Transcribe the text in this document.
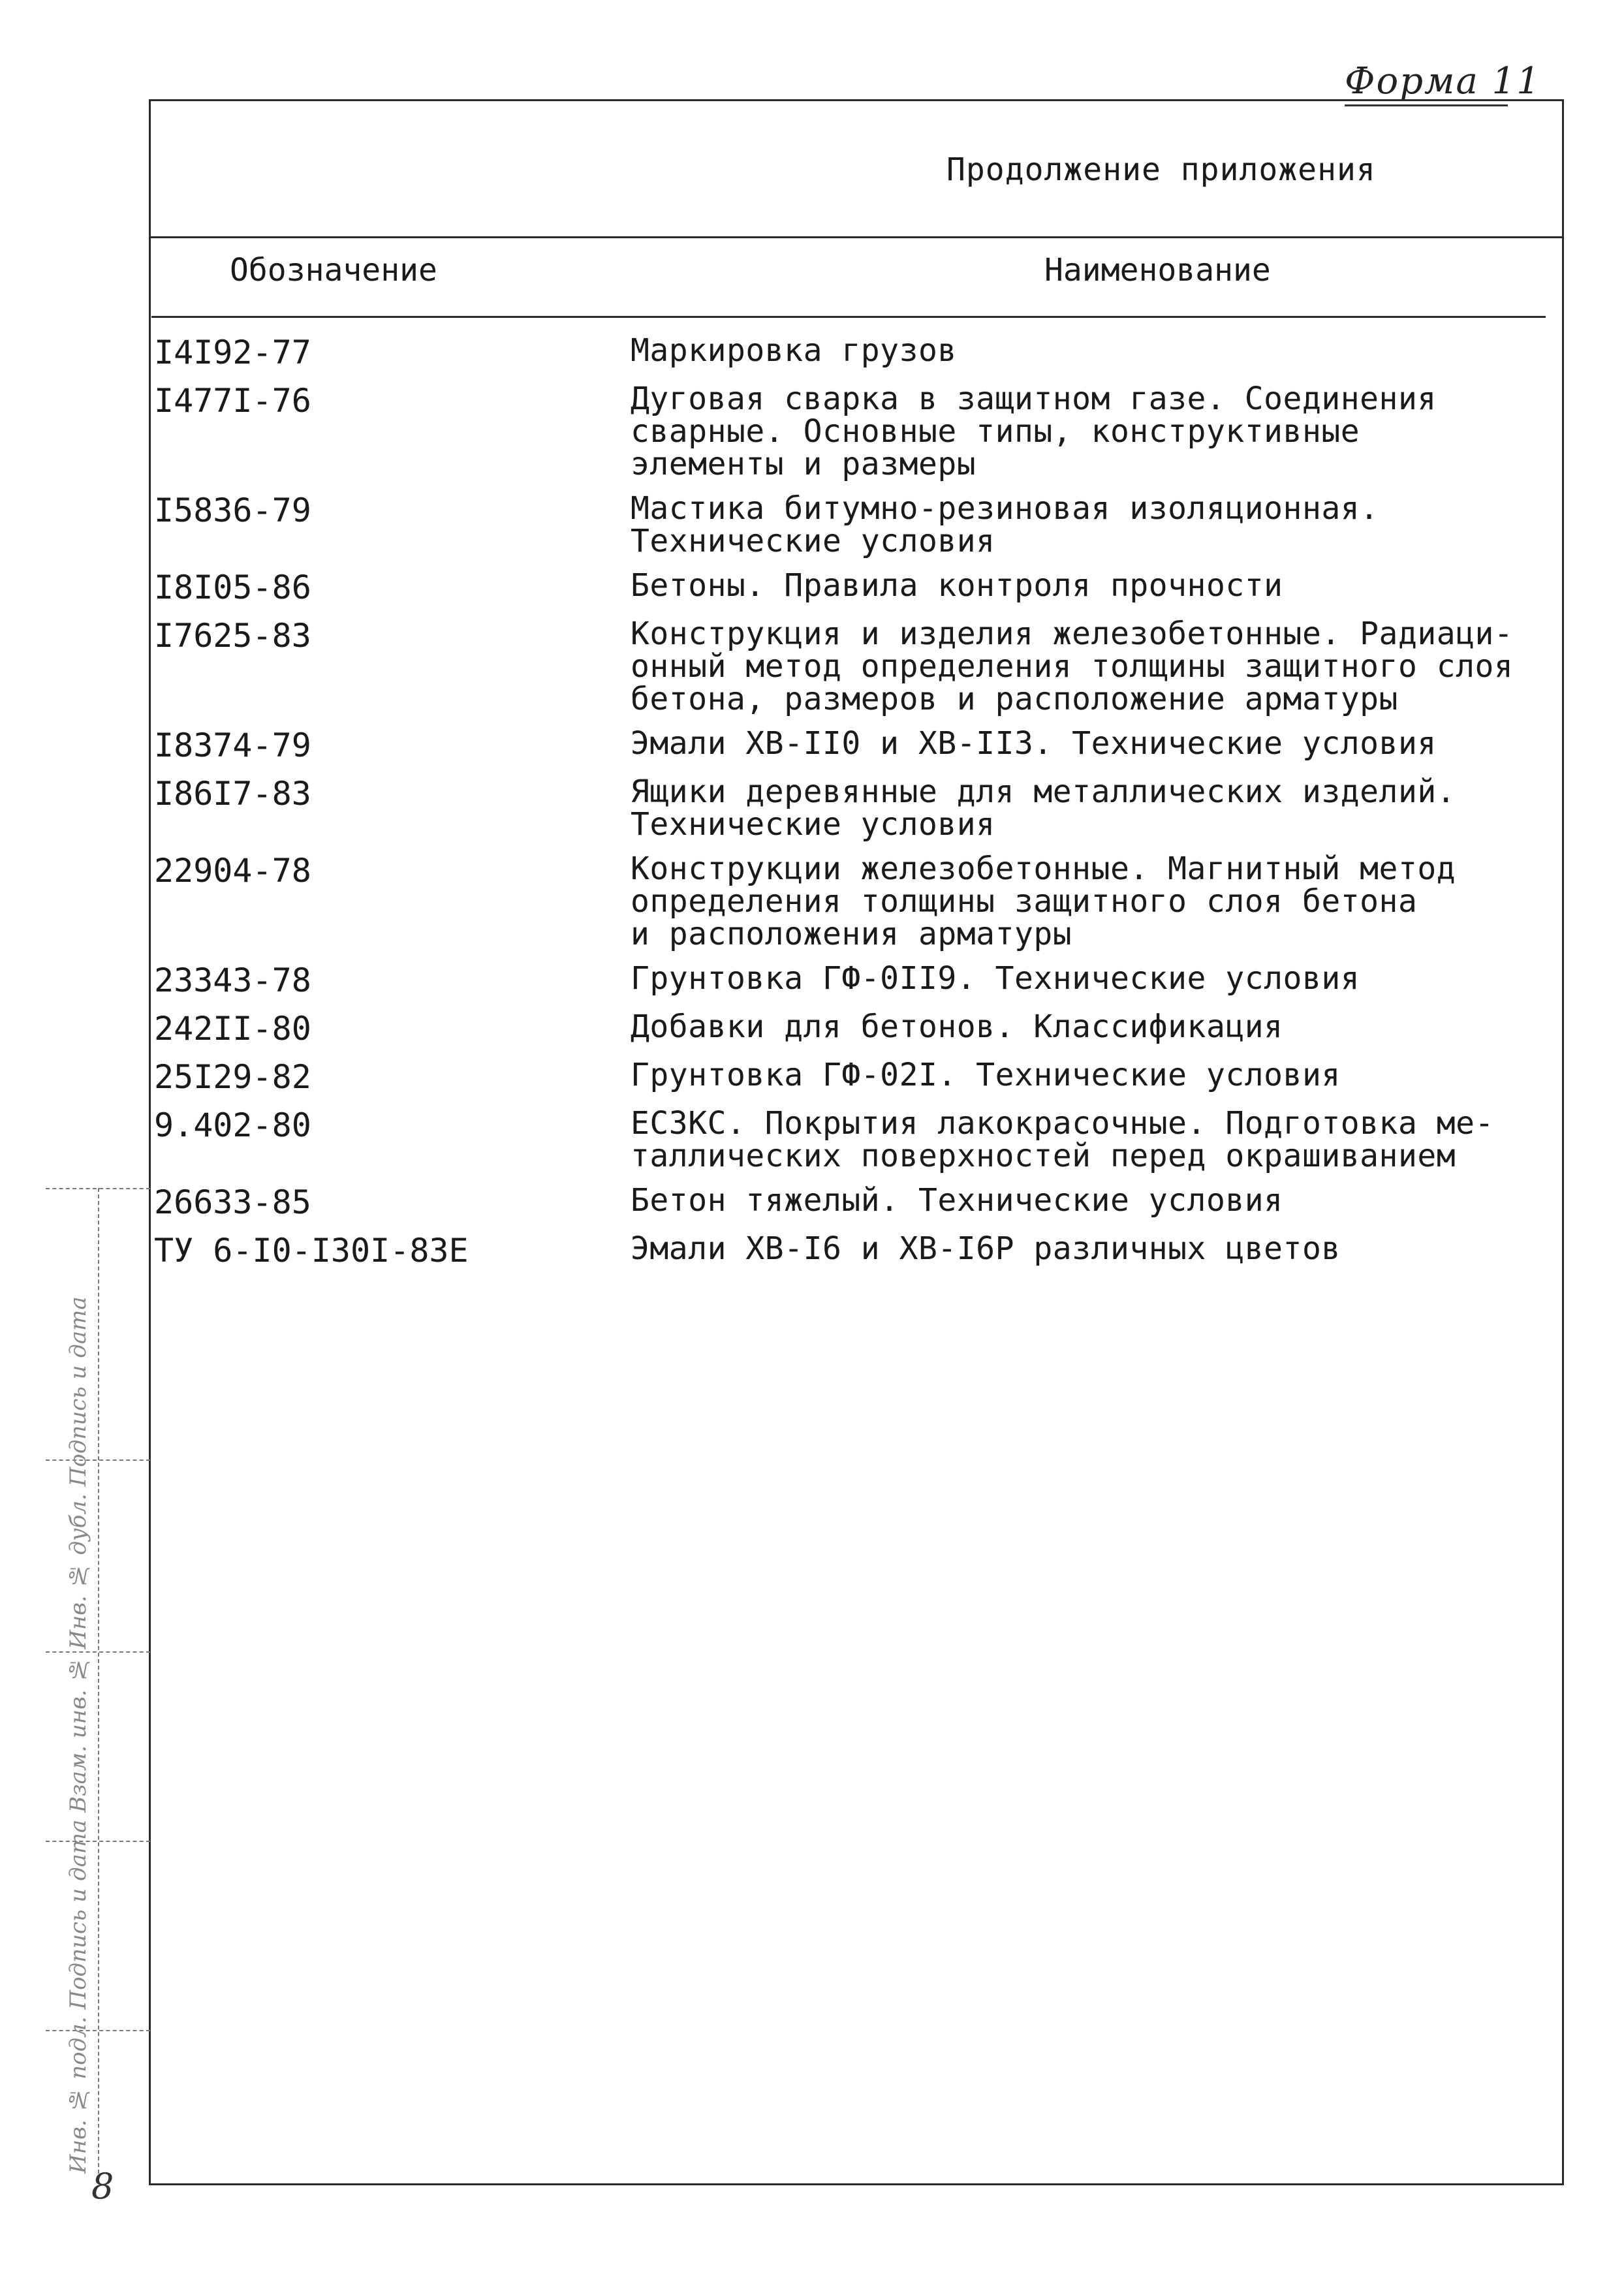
Форма 11
Продолжение приложения
Обозначение	Наименование
I4I92-77	Маркировка грузов
I477I-76	Дуговая сварка в защитном газе. Соединения
сварные. Основные типы, конструктивные
элементы и размеры
I5836-79	Мастика битумно-резиновая изоляционная.
Технические условия
I8I05-86	Бетоны. Правила контроля прочности
I7625-83	Конструкция и изделия железобетонные. Радиаци-
онный метод определения толщины защитного слоя
бетона, размеров и расположение арматуры
I8374-79	Эмали ХВ-II0 и ХВ-II3. Технические условия
I86I7-83	Ящики деревянные для металлических изделий.
Технические условия
22904-78	Конструкции железобетонные. Магнитный метод
определения толщины защитного слоя бетона
и расположения арматуры
23343-78	Грунтовка ГФ-0II9. Технические условия
242II-80	Добавки для бетонов. Классификация
25I29-82	Грунтовка ГФ-02I. Технические условия
9.402-80	ЕСЗКС. Покрытия лакокрасочные. Подготовка ме-
таллических поверхностей перед окрашиванием
26633-85	Бетон тяжелый. Технические условия
ТУ 6-I0-I30I-83Е	Эмали ХВ-I6 и ХВ-I6Р различных цветов
Инв. № подл. Подпись и дата Взам. инв. № Инв. № дубл. Подпись и дата
8
